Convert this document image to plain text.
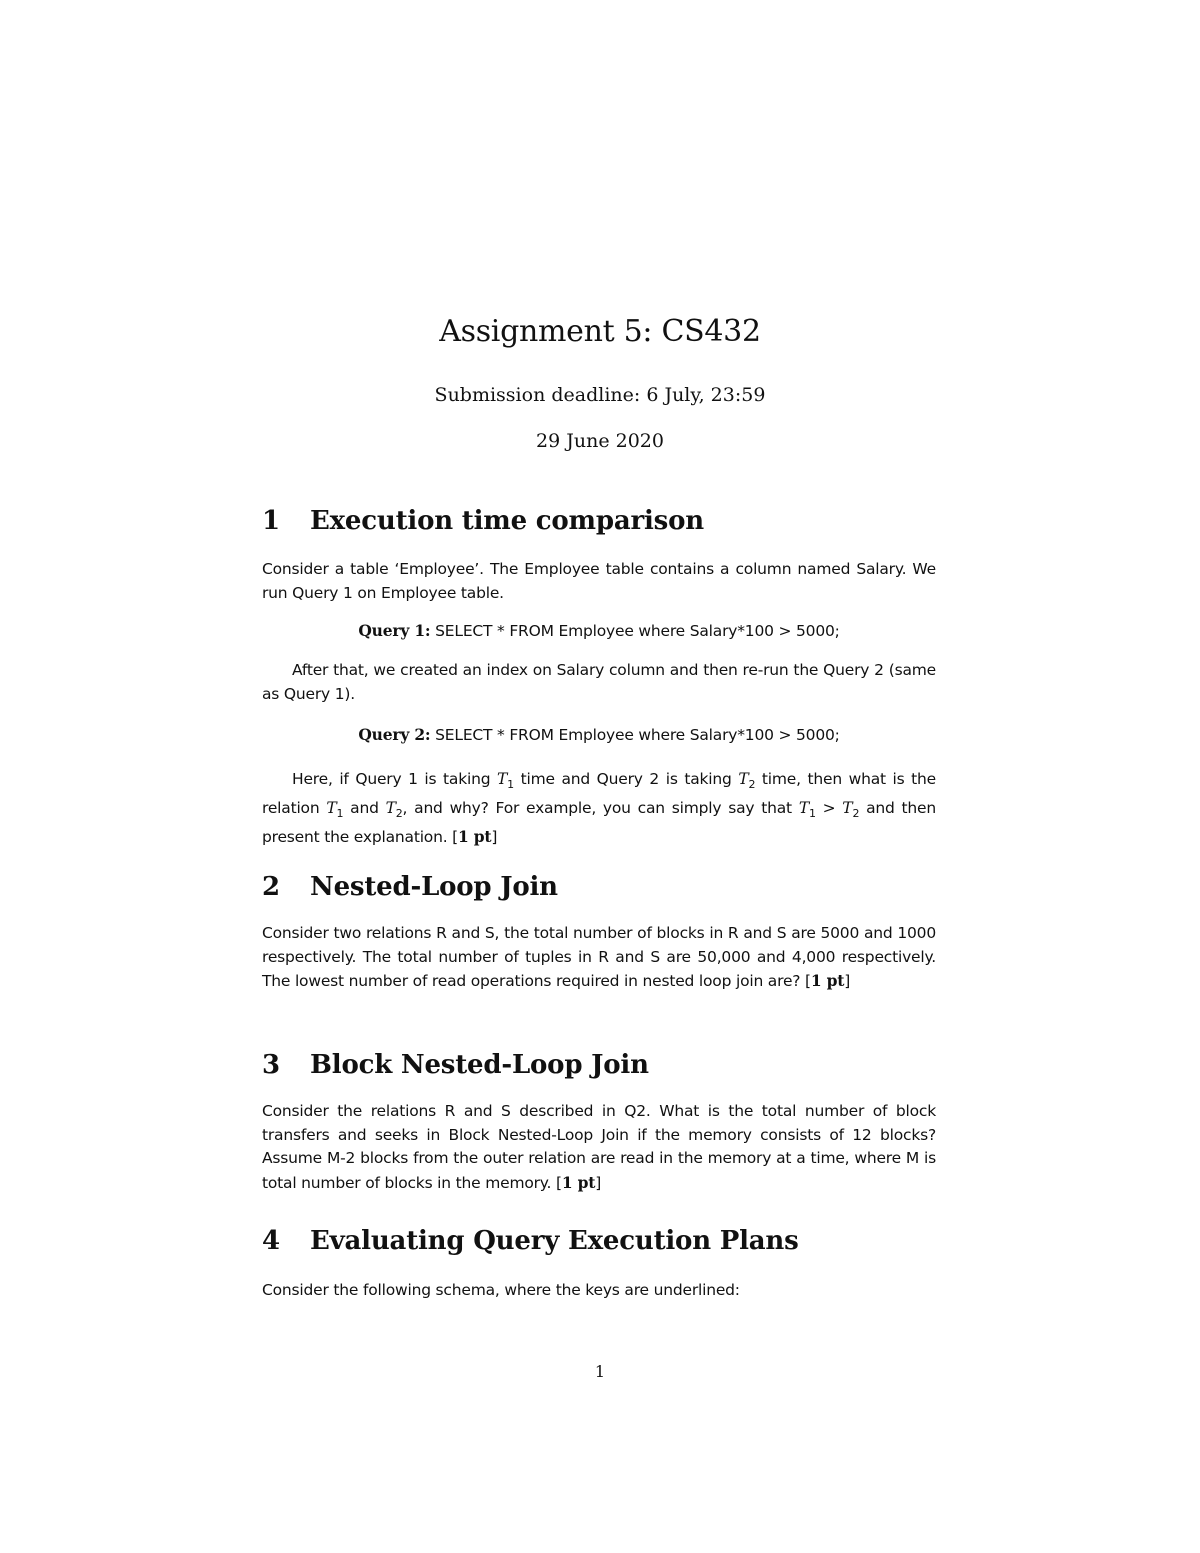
Assignment 5: CS432
Submission deadline: 6 July, 23:59
29 June 2020
1 Execution time comparison

Consider a table ‘Employee’. The Employee table contains a column named Salary. We run Query 1 on Employee table.

Query 1: SELECT * FROM Employee where Salary*100 > 5000;

After that, we created an index on Salary column and then re-run the Query 2 (same as Query 1).

Query 2: SELECT * FROM Employee where Salary*100 > 5000;

Here, if Query 1 is taking $T_1$ time and Query 2 is taking $T_2$ time, then what is the relation $T_1$ and $T_2$, and why? For example, you can simply say that $T_1 > T_2$ and then present the explanation. [1 pt]

2 Nested-Loop Join

Consider two relations R and S, the total number of blocks in R and S are 5000 and 1000 respectively. The total number of tuples in R and S are 50,000 and 4,000 respectively. The lowest number of read operations required in nested loop join are? [1 pt]

3 Block Nested-Loop Join

Consider the relations R and S described in Q2. What is the total number of block transfers and seeks in Block Nested-Loop Join if the memory consists of 12 blocks? Assume M-2 blocks from the outer relation are read in the memory at a time, where M is total number of blocks in the memory. [1 pt]

4 Evaluating Query Execution Plans

Consider the following schema, where the keys are underlined:

1
